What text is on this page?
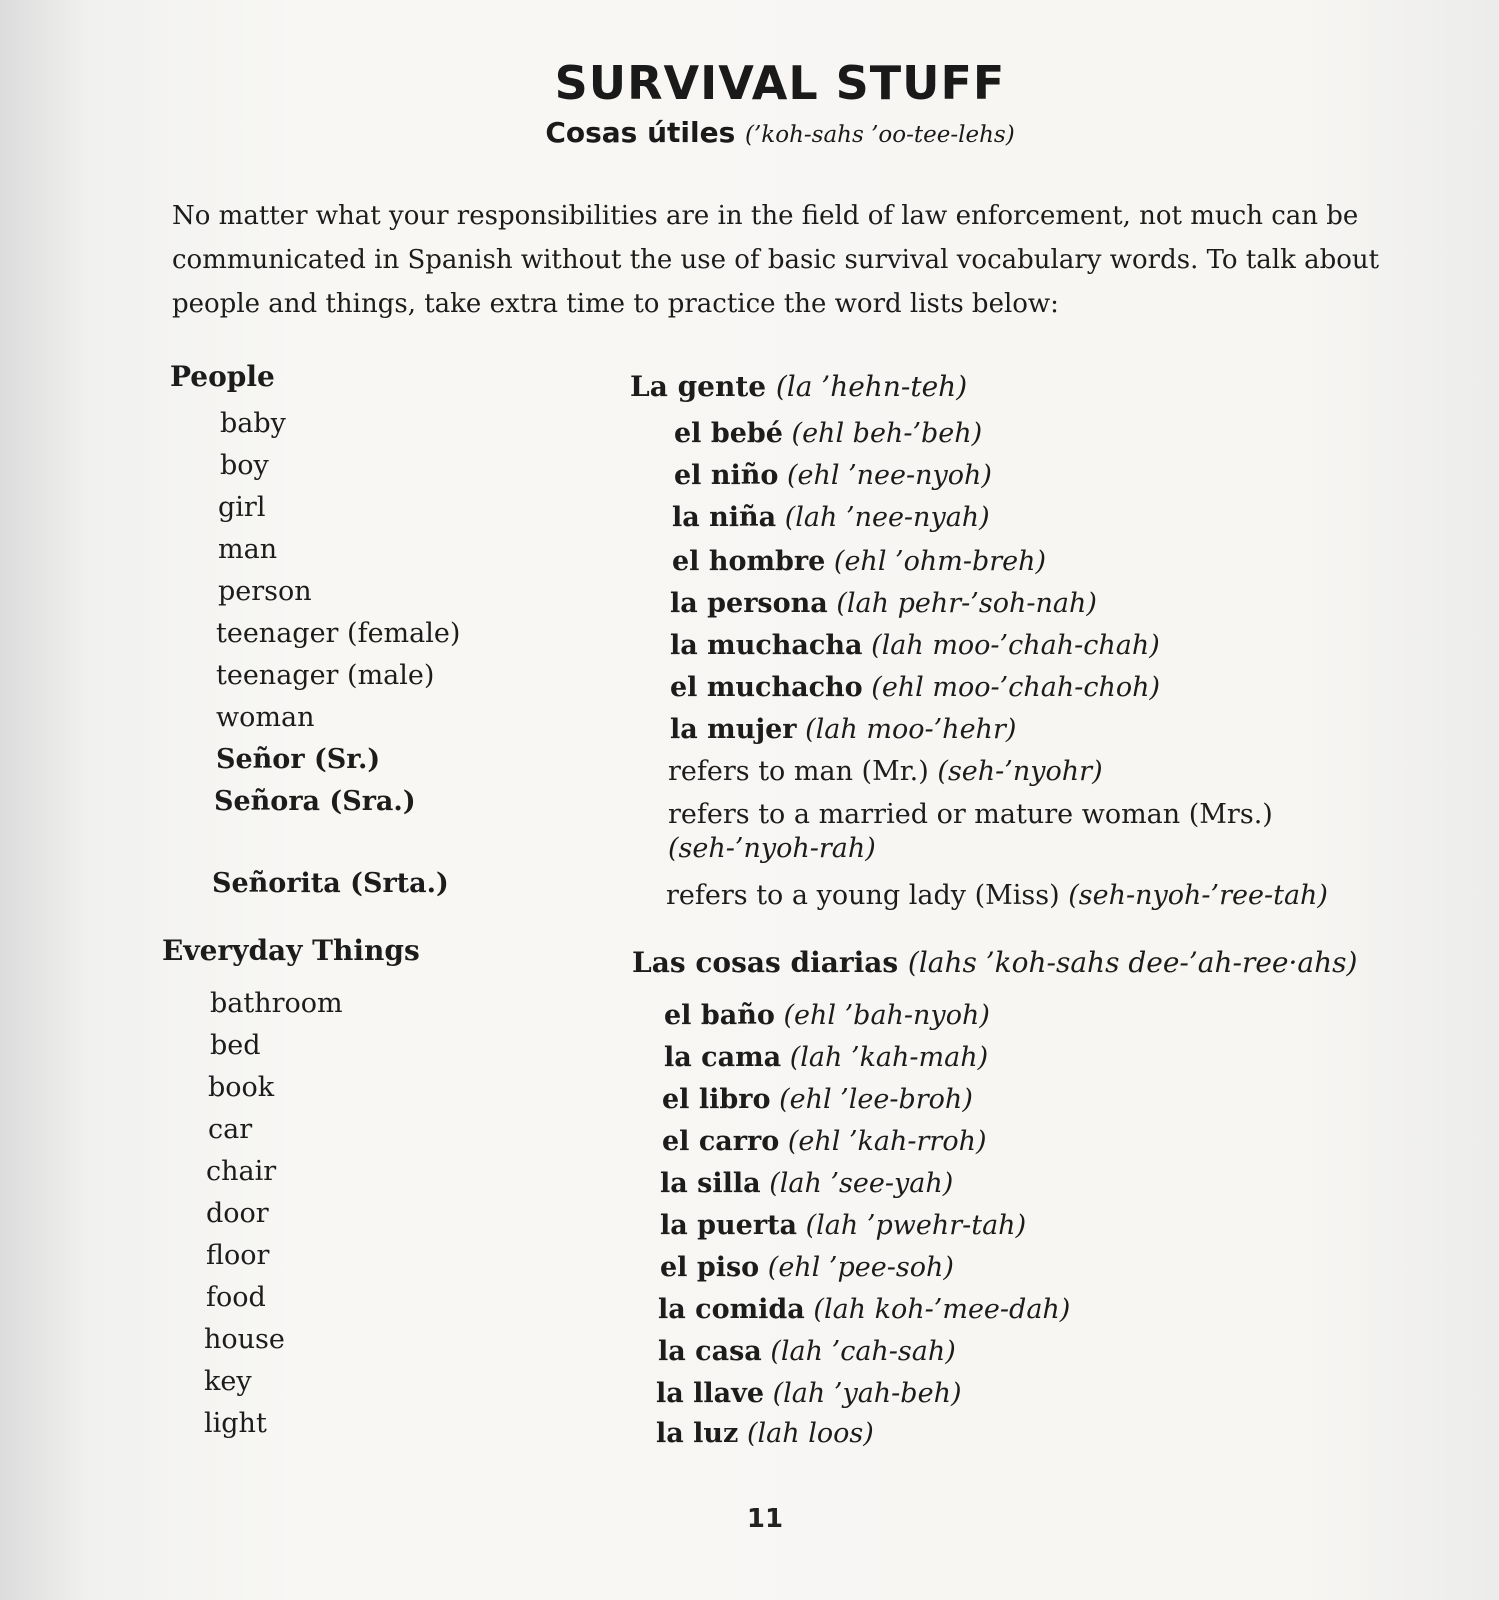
SURVIVAL STUFF
Cosas útiles (’koh-sahs ’oo-tee-lehs)

No matter what your responsibilities are in the field of law enforcement, not much can be communicated in Spanish without the use of basic survival vocabulary words. To talk about people and things, take extra time to practice the word lists below:

People	La gente (la ’hehn-teh)
baby
boy
girl
man
person
teenager (female)
teenager (male)
woman
el bebé (ehl beh-’beh)
el niño (ehl ’nee-nyoh)
la niña (lah ’nee-nyah)
el hombre (ehl ’ohm-breh)
la persona (lah pehr-’soh-nah)
la muchacha (lah moo-’chah-chah)
el muchacho (ehl moo-’chah-choh)
la mujer (lah moo-’hehr)
Señor (Sr.)
Señora (Sra.)
Señorita (Srta.)
refers to man (Mr.) (seh-’nyohr)
refers to a married or mature woman (Mrs.) (seh-’nyoh-rah)
refers to a young lady (Miss) (seh-nyoh-’ree-tah)
Everyday Things	Las cosas diarias (lahs ’koh-sahs dee-’ah-ree·ahs)
bathroom
bed
book
car
chair
door
floor
food
house
key
light
el baño (ehl ’bah-nyoh)
la cama (lah ’kah-mah)
el libro (ehl ’lee-broh)
el carro (ehl ’kah-rroh)
la silla (lah ’see-yah)
la puerta (lah ’pwehr-tah)
el piso (ehl ’pee-soh)
la comida (lah koh-’mee-dah)
la casa (lah ’cah-sah)
la llave (lah ’yah-beh)
la luz (lah loos)
11
